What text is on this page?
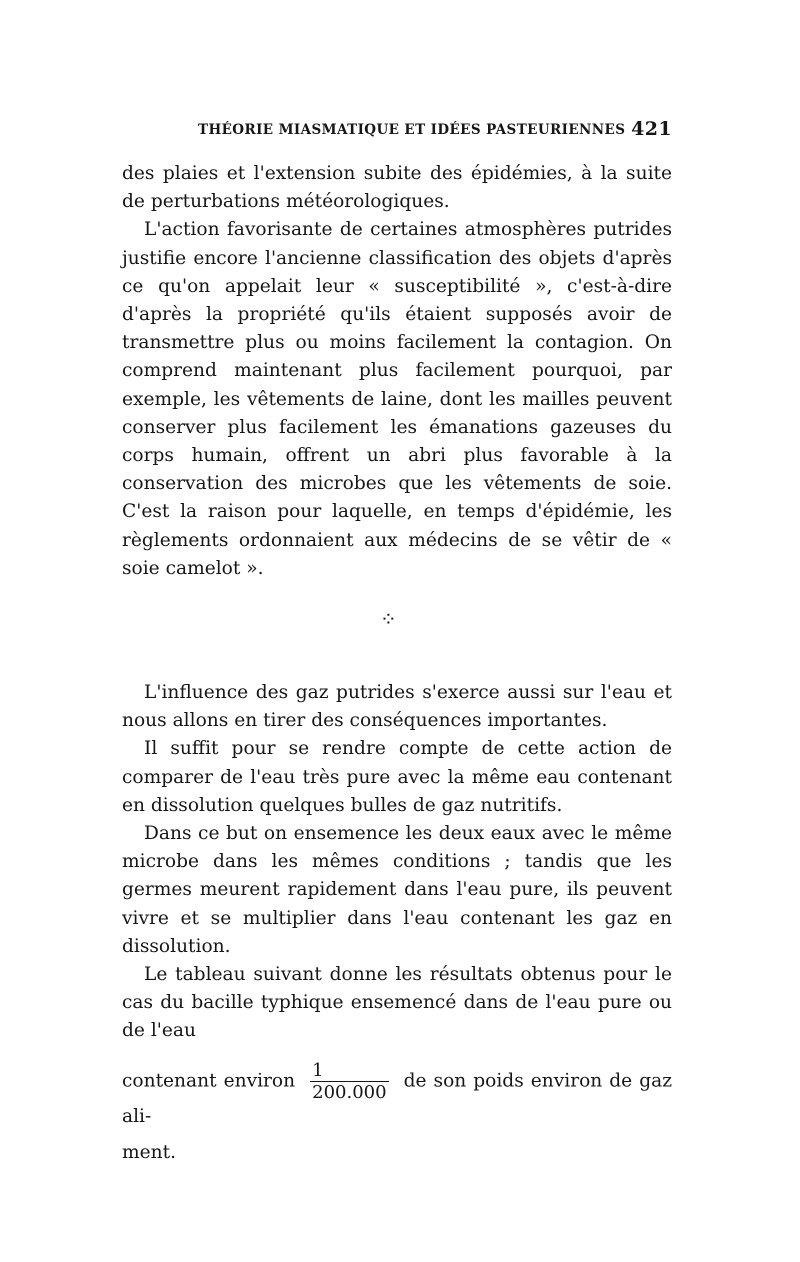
THÉORIE MIASMATIQUE ET IDÉES PASTEURIENNES 421

des plaies et l'extension subite des épidémies, à la suite de perturbations météorologiques.

L'action favorisante de certaines atmosphères putrides justifie encore l'ancienne classification des objets d'après ce qu'on appelait leur « susceptibilité », c'est-à-dire d'après la propriété qu'ils étaient supposés avoir de transmettre plus ou moins facilement la contagion. On comprend maintenant plus facilement pourquoi, par exemple, les vêtements de laine, dont les mailles peuvent conserver plus facilement les émanations gazeuses du corps humain, offrent un abri plus favorable à la conservation des microbes que les vêtements de soie. C'est la raison pour laquelle, en temps d'épidémie, les règlements ordonnaient aux médecins de se vêtir de « soie camelot ».

⁘

L'influence des gaz putrides s'exerce aussi sur l'eau et nous allons en tirer des conséquences importantes.

Il suffit pour se rendre compte de cette action de comparer de l'eau très pure avec la même eau contenant en dissolution quelques bulles de gaz nutritifs.

Dans ce but on ensemence les deux eaux avec le même microbe dans les mêmes conditions ; tandis que les germes meurent rapidement dans l'eau pure, ils peuvent vivre et se multiplier dans l'eau contenant les gaz en dissolution.

Le tableau suivant donne les résultats obtenus pour le cas du bacille typhique ensemencé dans de l'eau pure ou de l'eau

contenant environ $\frac{1}{200.000}$ de son poids environ de gaz ali-
ment.
